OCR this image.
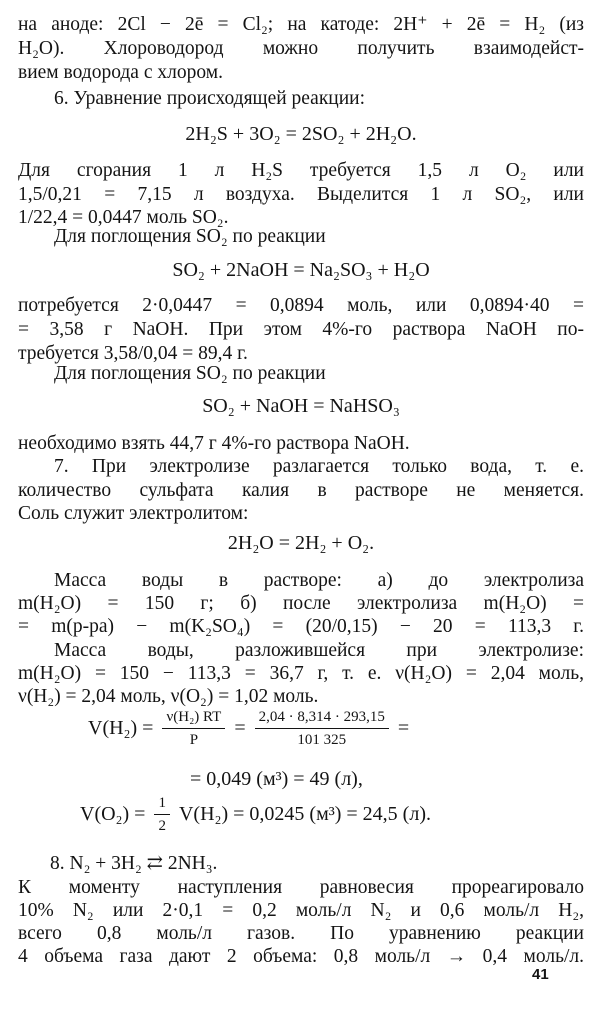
на аноде: 2Cl − 2ē = Cl₂; на катоде: 2H⁺ + 2ē = H₂ (из
H₂O). Хлороводород можно получить взаимодейст-
вием водорода с хлором.
6. Уравнение происходящей реакции:
2H₂S + 3O₂ = 2SO₂ + 2H₂O.
Для сгорания 1 л H₂S требуется 1,5 л O₂ или
1,5/0,21 = 7,15 л воздуха. Выделится 1 л SO₂, или
1/22,4 = 0,0447 моль SO₂.
Для поглощения SO₂ по реакции
SO₂ + 2NaOH = Na₂SO₃ + H₂O
потребуется 2·0,0447 = 0,0894 моль, или 0,0894·40 =
= 3,58 г NaOH. При этом 4%-го раствора NaOH по-
требуется 3,58/0,04 = 89,4 г.
Для поглощения SO₂ по реакции
SO₂ + NaOH = NaHSO₃
необходимо взять 44,7 г 4%-го раствора NaOH.
7. При электролизе разлагается только вода, т. е.
количество сульфата калия в растворе не меняется.
Соль служит электролитом:
2H₂O = 2H₂ + O₂.
Масса воды в растворе: а) до электролиза
m(H₂O) = 150 г; б) после электролиза m(H₂O) =
= m(р-ра) − m(K₂SO₄) = (20/0,15) − 20 = 113,3 г.
Масса воды, разложившейся при электролизе:
m(H₂O) = 150 − 113,3 = 36,7 г, т. е. ν(H₂O) = 2,04 моль,
ν(H₂) = 2,04 моль, ν(O₂) = 1,02 моль.
$V(H_2) = \frac{\text{ν(H₂) RT}}{P} = \frac{2,04 \cdot 8,314 \cdot 293,15}{101 325}$ =
= 0,049 (м³) = 49 (л),
$V(O_2) = \frac{1}{2} V(H_2) = 0,0245$ (м³) = 24,5 (л).
8. N₂ + 3H₂ ⇄ 2NH₃.
К моменту наступления равновесия прореагировало
10% N₂ или 2·0,1 = 0,2 моль/л N₂ и 0,6 моль/л H₂,
всего 0,8 моль/л газов. По уравнению реакции
4 объема газа дают 2 объема: 0,8 моль/л → 0,4 моль/л.
41
